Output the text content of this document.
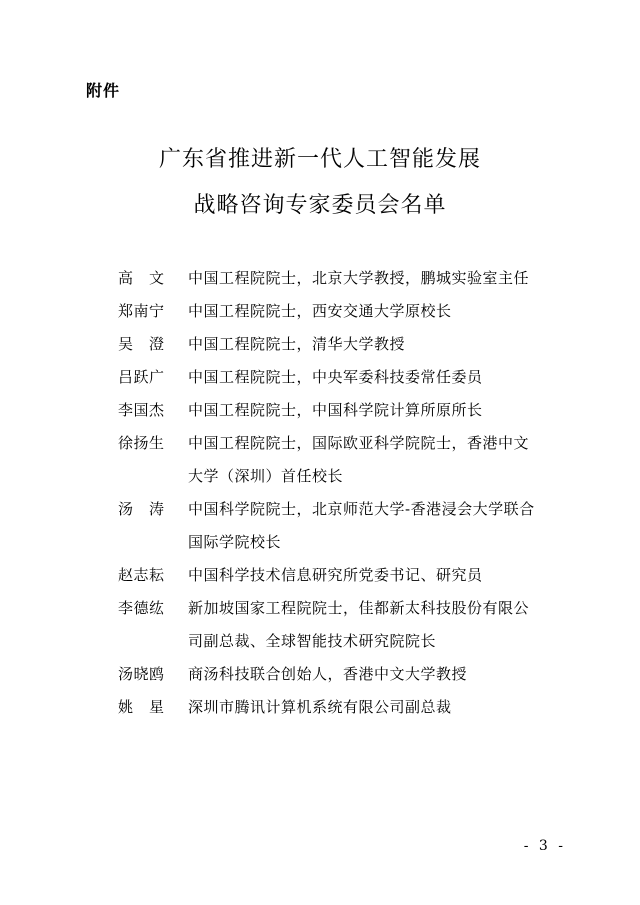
附件
广东省推进新一代人工智能发展
战略咨询专家委员会名单
高　文	中国工程院院士，北京大学教授，鹏城实验室主任
郑南宁	中国工程院院士，西安交通大学原校长
吴　澄	中国工程院院士，清华大学教授
吕跃广	中国工程院院士，中央军委科技委常任委员
李国杰	中国工程院院士，中国科学院计算所原所长
徐扬生	中国工程院院士，国际欧亚科学院院士，香港中文
大学（深圳）首任校长
汤　涛	中国科学院院士，北京师范大学-香港浸会大学联合
国际学院校长
赵志耘	中国科学技术信息研究所党委书记、研究员
李德纮	新加坡国家工程院院士，佳都新太科技股份有限公
司副总裁、全球智能技术研究院院长
汤晓鸥	商汤科技联合创始人，香港中文大学教授
姚　星	深圳市腾讯计算机系统有限公司副总裁
- 3 -
